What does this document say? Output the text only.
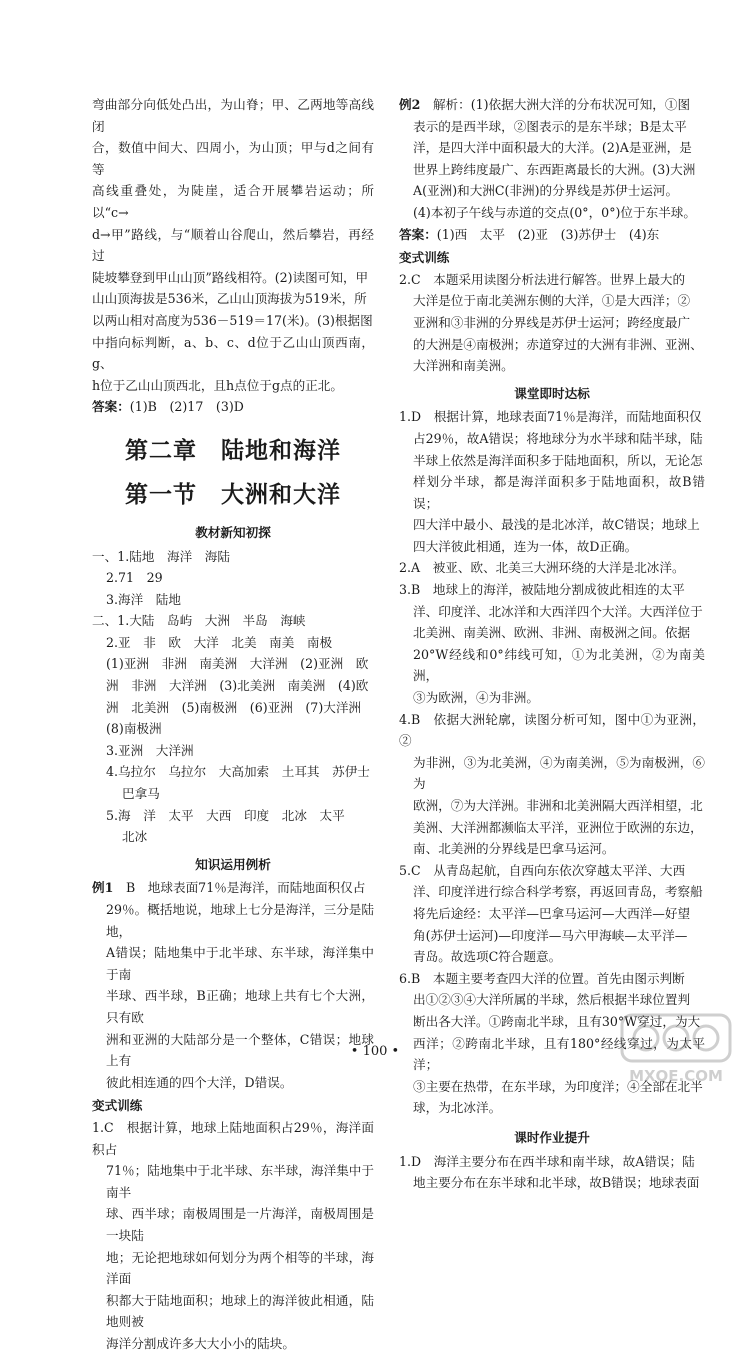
弯曲部分向低处凸出，为山脊；甲、乙两地等高线闭

合，数值中间大、四周小，为山顶；甲与d之间有等

高线重叠处，为陡崖，适合开展攀岩运动；所以“c→

d→甲”路线，与“顺着山谷爬山，然后攀岩，再经过

陡坡攀登到甲山山顶”路线相符。(2)读图可知，甲

山山顶海拔是536米，乙山山顶海拔为519米，所

以两山相对高度为536－519＝17(米)。(3)根据图

中指向标判断，a、b、c、d位于乙山山顶西南，g、

h位于乙山山顶西北，且h点位于g点的正北。

答案：(1)B　(2)17　(3)D

第二章　陆地和海洋
第一节　大洲和大洋
教材新知初探

一、1.陆地　海洋　海陆

2.71　29

3.海洋　陆地

二、1.大陆　岛屿　大洲　半岛　海峡

2.亚　非　欧　大洋　北美　南美　南极

(1)亚洲　非洲　南美洲　大洋洲　(2)亚洲　欧

洲　非洲　大洋洲　(3)北美洲　南美洲　(4)欧

洲　北美洲　(5)南极洲　(6)亚洲　(7)大洋洲

(8)南极洲

3.亚洲　大洋洲

4.乌拉尔　乌拉尔　大高加索　土耳其　苏伊士

巴拿马

5.海　洋　太平　大西　印度　北冰　太平

北冰

知识运用例析

例1　B　地球表面71％是海洋，而陆地面积仅占

29％。概括地说，地球上七分是海洋，三分是陆地，

A错误；陆地集中于北半球、东半球，海洋集中于南

半球、西半球，B正确；地球上共有七个大洲，只有欧

洲和亚洲的大陆部分是一个整体，C错误；地球上有

彼此相连通的四个大洋，D错误。

变式训练

1.C　根据计算，地球上陆地面积占29％，海洋面积占

71％；陆地集中于北半球、东半球，海洋集中于南半

球、西半球；南极周围是一片海洋，南极周围是一块陆

地；无论把地球如何划分为两个相等的半球，海洋面

积都大于陆地面积；地球上的海洋彼此相通，陆地则被

海洋分割成许多大大小小的陆块。

例2　解析：(1)依据大洲大洋的分布状况可知，①图

表示的是西半球，②图表示的是东半球；B是太平

洋，是四大洋中面积最大的大洋。(2)A是亚洲，是

世界上跨纬度最广、东西距离最长的大洲。(3)大洲

A(亚洲)和大洲C(非洲)的分界线是苏伊士运河。

(4)本初子午线与赤道的交点(0°，0°)位于东半球。

答案：(1)西　太平　(2)亚　(3)苏伊士　(4)东

变式训练

2.C　本题采用读图分析法进行解答。世界上最大的

大洋是位于南北美洲东侧的大洋，①是大西洋；②

亚洲和③非洲的分界线是苏伊士运河；跨经度最广

的大洲是④南极洲；赤道穿过的大洲有非洲、亚洲、

大洋洲和南美洲。

课堂即时达标

1.D　根据计算，地球表面71％是海洋，而陆地面积仅

占29％，故A错误；将地球分为水半球和陆半球，陆

半球上依然是海洋面积多于陆地面积，所以，无论怎

样划分半球，都是海洋面积多于陆地面积，故B错误；

四大洋中最小、最浅的是北冰洋，故C错误；地球上

四大洋彼此相通，连为一体，故D正确。

2.A　被亚、欧、北美三大洲环绕的大洋是北冰洋。

3.B　地球上的海洋，被陆地分割成彼此相连的太平

洋、印度洋、北冰洋和大西洋四个大洋。大西洋位于

北美洲、南美洲、欧洲、非洲、南极洲之间。依据

20°W经线和0°纬线可知，①为北美洲，②为南美洲，

③为欧洲，④为非洲。

4.B　依据大洲轮廓，读图分析可知，图中①为亚洲，②

为非洲，③为北美洲，④为南美洲，⑤为南极洲，⑥为

欧洲，⑦为大洋洲。非洲和北美洲隔大西洋相望，北

美洲、大洋洲都濒临太平洋，亚洲位于欧洲的东边，

南、北美洲的分界线是巴拿马运河。

5.C　从青岛起航，自西向东依次穿越太平洋、大西

洋、印度洋进行综合科学考察，再返回青岛，考察船

将先后途经：太平洋—巴拿马运河—大西洋—好望

角(苏伊士运河)—印度洋—马六甲海峡—太平洋—

青岛。故选项C符合题意。

6.B　本题主要考查四大洋的位置。首先由图示判断

出①②③④大洋所属的半球，然后根据半球位置判

断出各大洋。①跨南北半球，且有30°W穿过，为大

西洋；②跨南北半球，且有180°经线穿过，为太平洋；

③主要在热带，在东半球，为印度洋；④全部在北半

球，为北冰洋。

课时作业提升

1.D　海洋主要分布在西半球和南半球，故A错误；陆

地主要分布在东半球和北半球，故B错误；地球表面

• 100 •
MXQE.COM
